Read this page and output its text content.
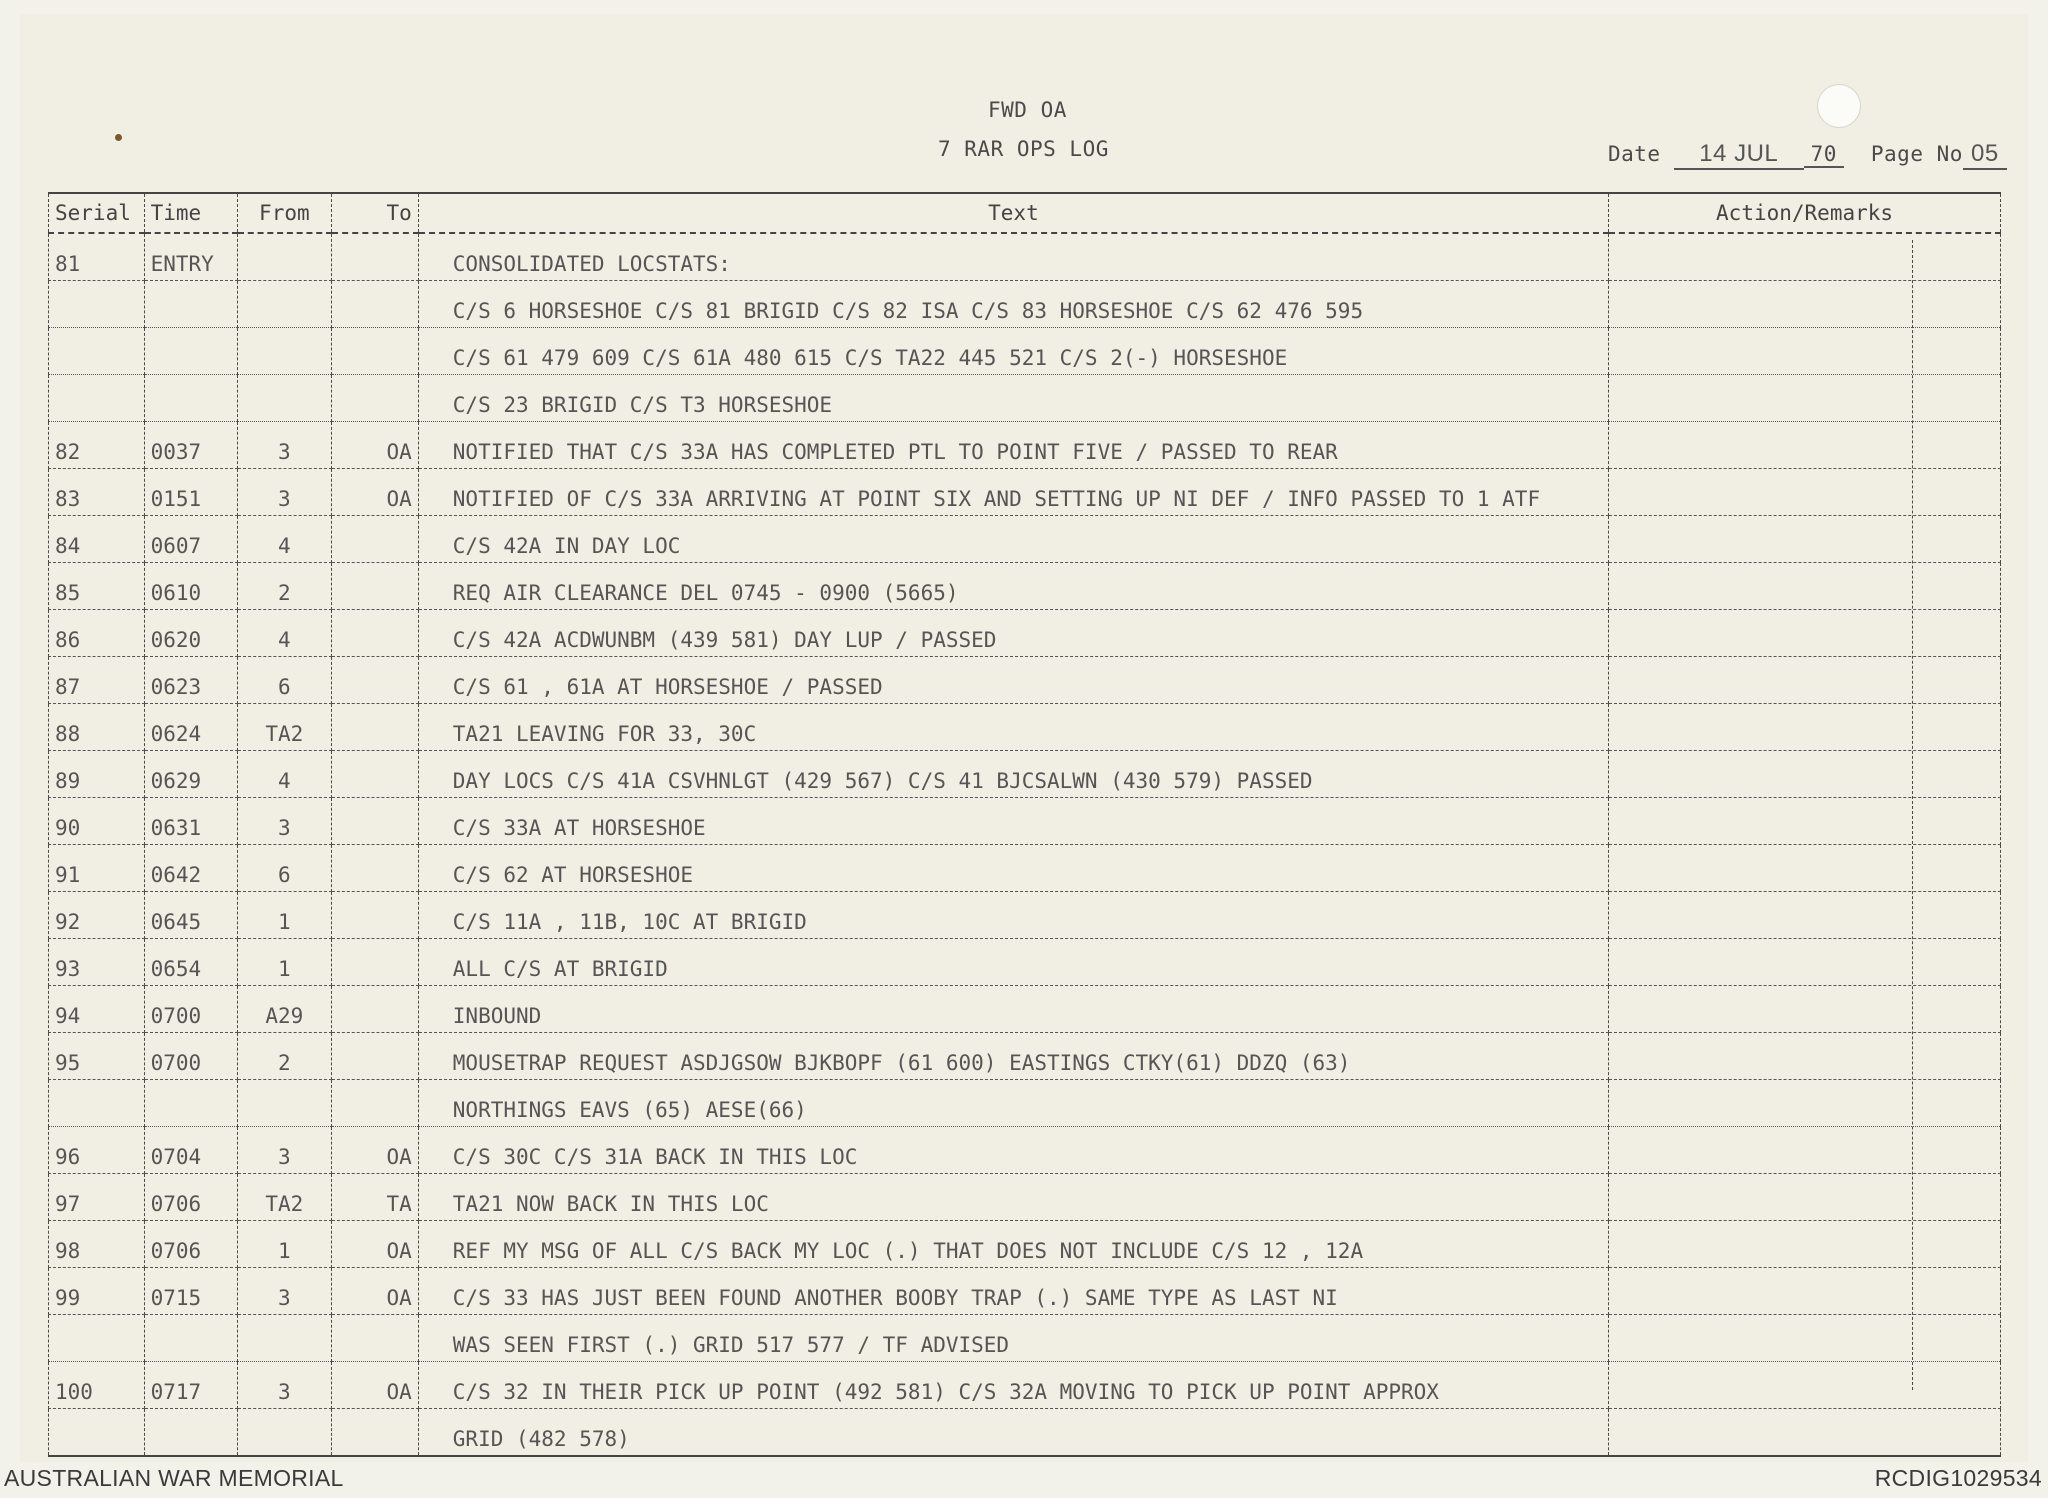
FWD OA
7 RAR OPS LOG	Date 14 JUL 70 Page No 05
Serial	Time	From	To	Text	Action/Remarks
81	ENTRY			CONSOLIDATED LOCSTATS:	
				C/S 6 HORSESHOE C/S 81 BRIGID C/S 82 ISA C/S 83 HORSESHOE C/S 62 476 595	
				C/S 61 479 609 C/S 61A 480 615 C/S TA22 445 521 C/S 2(-) HORSESHOE	
				C/S 23 BRIGID C/S T3 HORSESHOE	
82	0037	3	OA	NOTIFIED THAT C/S 33A HAS COMPLETED PTL TO POINT FIVE / PASSED TO REAR	
83	0151	3	OA	NOTIFIED OF C/S 33A ARRIVING AT POINT SIX AND SETTING UP NI DEF / INFO PASSED TO 1 ATF	
84	0607	4		C/S 42A IN DAY LOC	
85	0610	2		REQ AIR CLEARANCE DEL 0745 - 0900 (5665)	
86	0620	4		C/S 42A ACDWUNBM (439 581) DAY LUP / PASSED	
87	0623	6		C/S 61 , 61A AT HORSESHOE / PASSED	
88	0624	TA2		TA21 LEAVING FOR 33, 30C	
89	0629	4		DAY LOCS C/S 41A CSVHNLGT (429 567) C/S 41 BJCSALWN (430 579) PASSED	
90	0631	3		C/S 33A AT HORSESHOE	
91	0642	6		C/S 62 AT HORSESHOE	
92	0645	1		C/S 11A , 11B, 10C AT BRIGID	
93	0654	1		ALL C/S AT BRIGID	
94	0700	A29		INBOUND	
95	0700	2		MOUSETRAP REQUEST ASDJGSOW BJKBOPF (61 600) EASTINGS CTKY(61) DDZQ (63)	
				NORTHINGS EAVS (65) AESE(66)	
96	0704	3	OA	C/S 30C C/S 31A BACK IN THIS LOC	
97	0706	TA2	TA	TA21 NOW BACK IN THIS LOC	
98	0706	1	OA	REF MY MSG OF ALL C/S BACK MY LOC (.) THAT DOES NOT INCLUDE C/S 12 , 12A	
99	0715	3	OA	C/S 33 HAS JUST BEEN FOUND ANOTHER BOOBY TRAP (.) SAME TYPE AS LAST NI	
				WAS SEEN FIRST (.) GRID 517 577 / TF ADVISED	
100	0717	3	OA	C/S 32 IN THEIR PICK UP POINT (492 581) C/S 32A MOVING TO PICK UP POINT APPROX	
				GRID (482 578)	
AUSTRALIAN WAR MEMORIAL	RCDIG1029534
